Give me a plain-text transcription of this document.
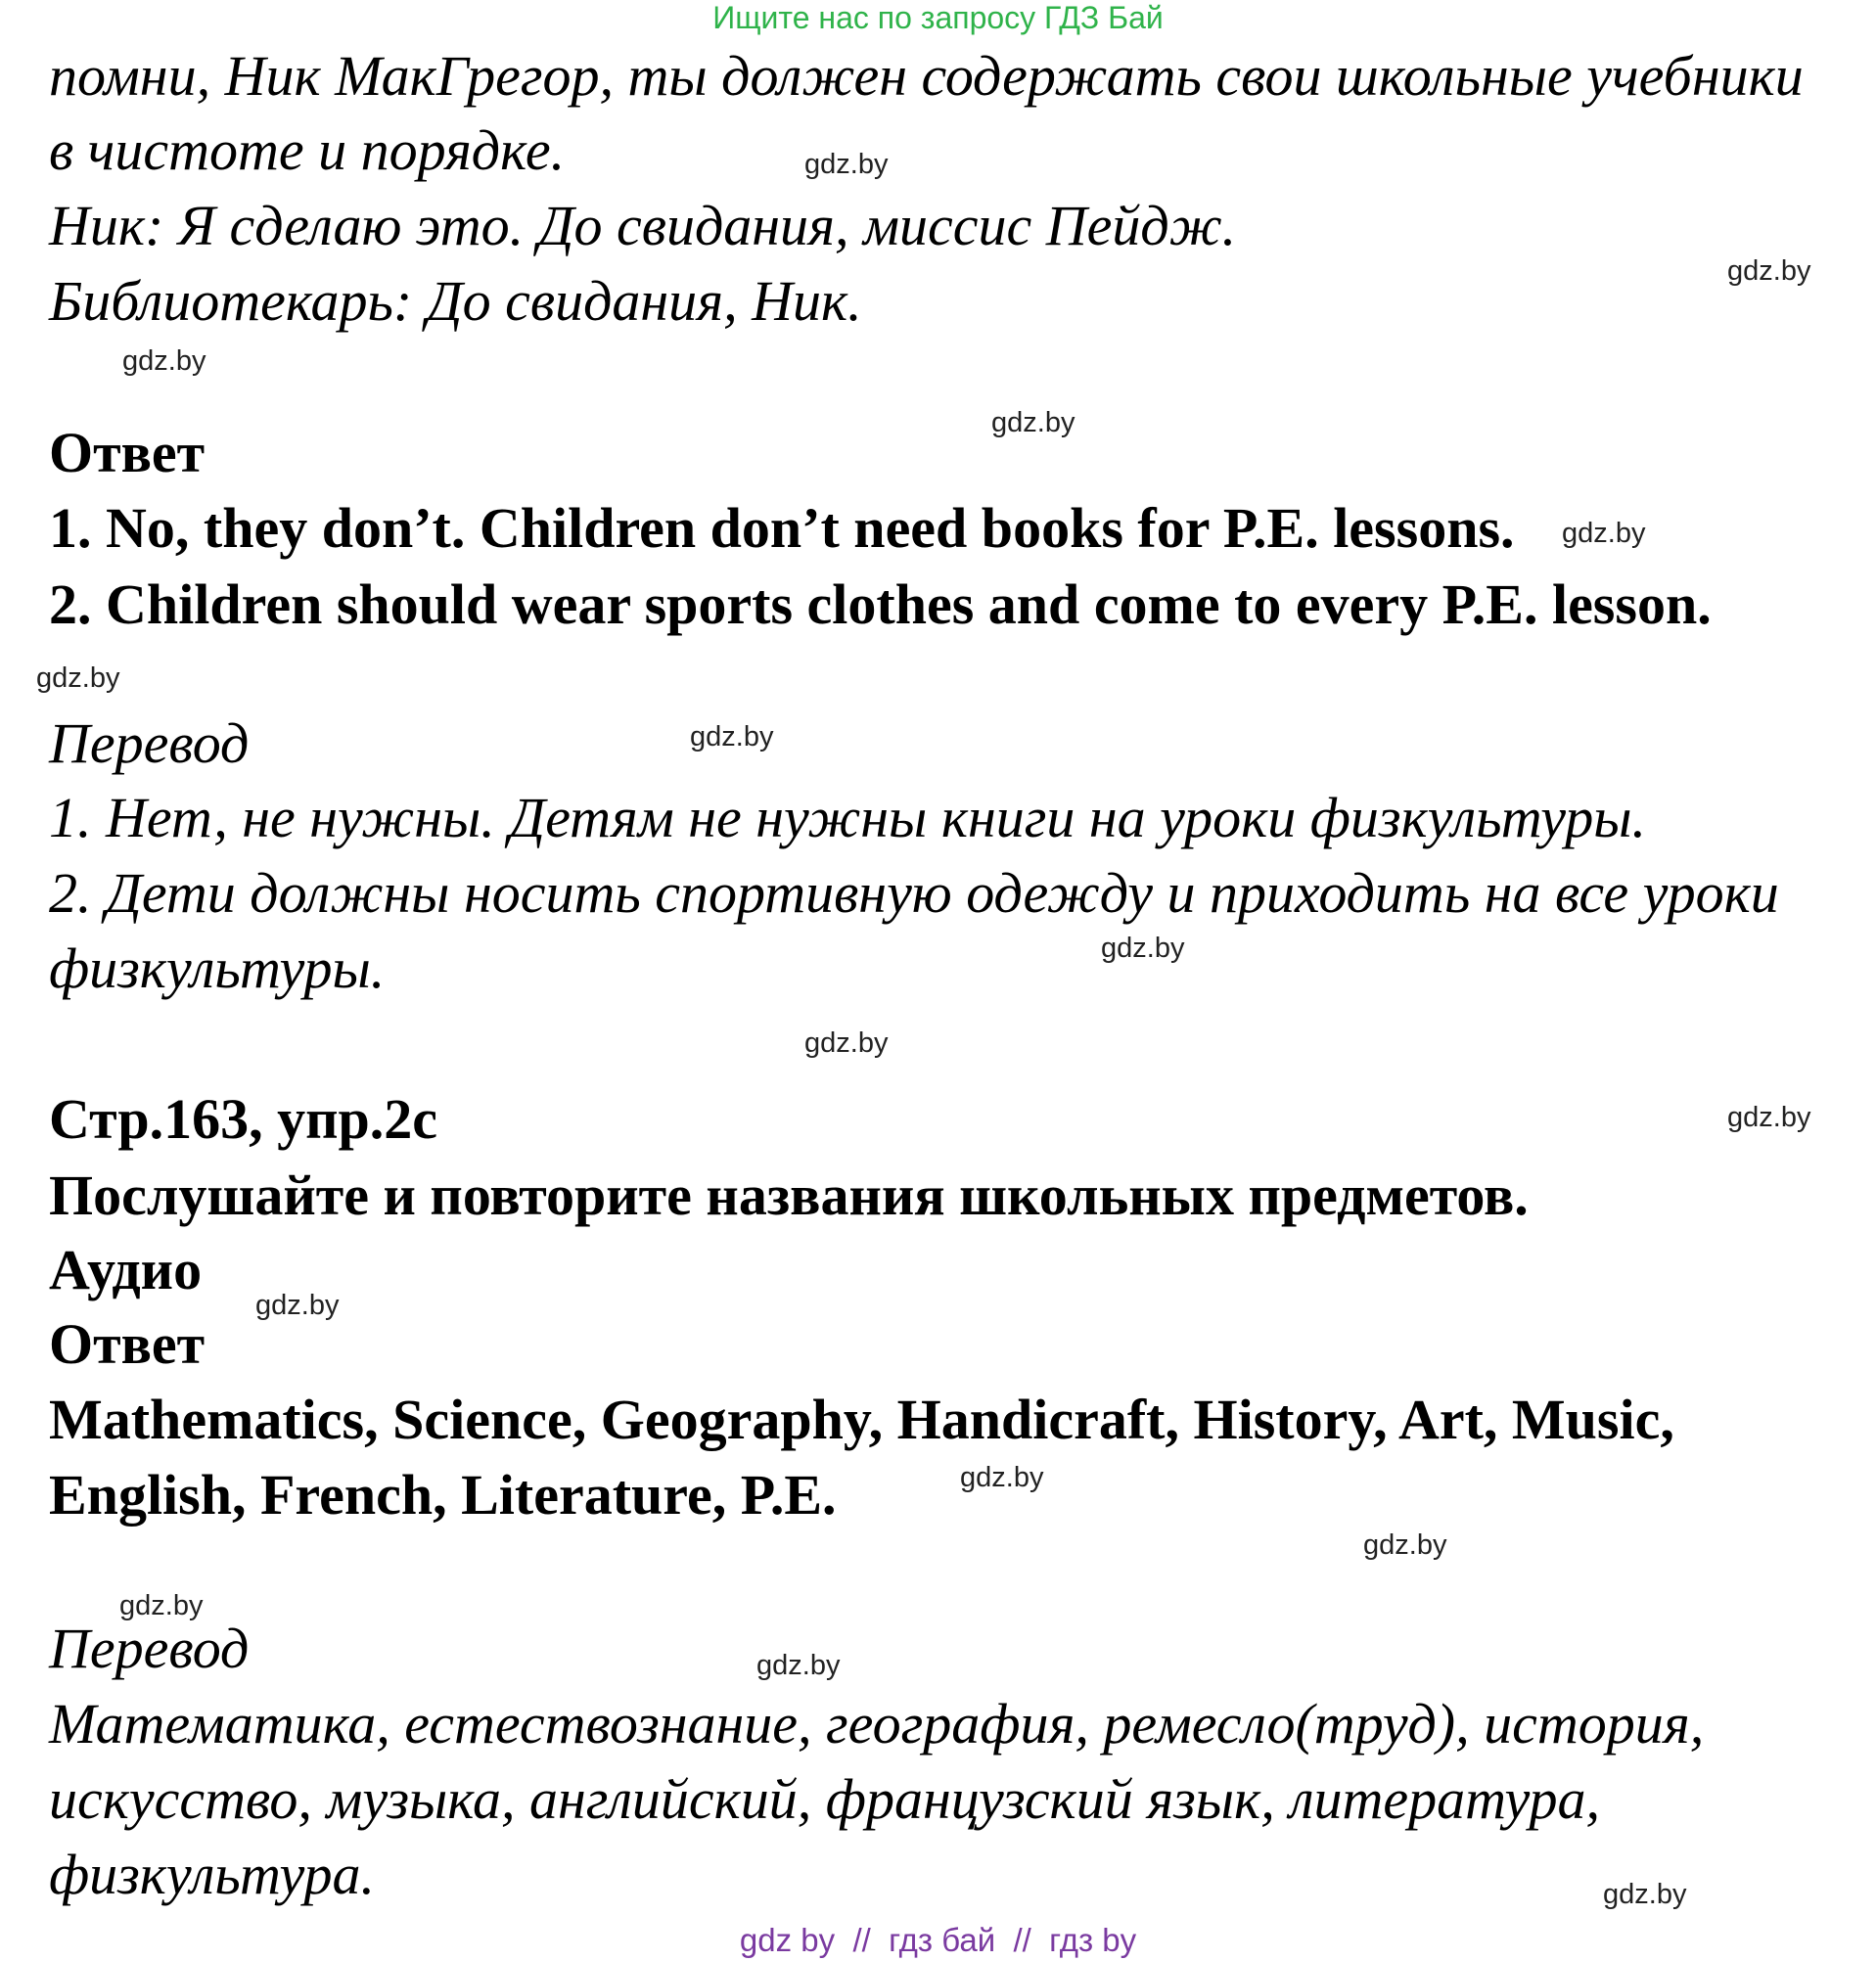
Ищите нас по запросу ГДЗ Бай
помни, Ник МакГрегор, ты должен содержать свои школьные учебники
в чистоте и порядке.
Ник: Я сделаю это. До свидания, миссис Пейдж.
Библиотекарь: До свидания, Ник.
Ответ
1. No, they don’t. Children don’t need books for P.E. lessons.
2. Children should wear sports clothes and come to every P.E. lesson.
Перевод
1. Нет, не нужны. Детям не нужны книги на уроки физкультуры.
2. Дети должны носить спортивную одежду и приходить на все уроки
физкультуры.
Стр.163, упр.2с
Послушайте и повторите названия школьных предметов.
Аудио
Ответ
Mathematics, Science, Geography, Handicraft, History, Art, Music,
English, French, Literature, P.E.
Перевод
Математика, естествознание, география, ремесло(труд), история,
искусство, музыка, английский, французский язык, литература,
физкультура.
gdz.by
gdz.by
gdz.by
gdz.by
gdz.by
gdz.by
gdz.by
gdz.by
gdz.by
gdz.by
gdz.by
gdz.by
gdz.by
gdz.by
gdz.by
gdz.by
gdz by  //  гдз бай  //  гдз by
